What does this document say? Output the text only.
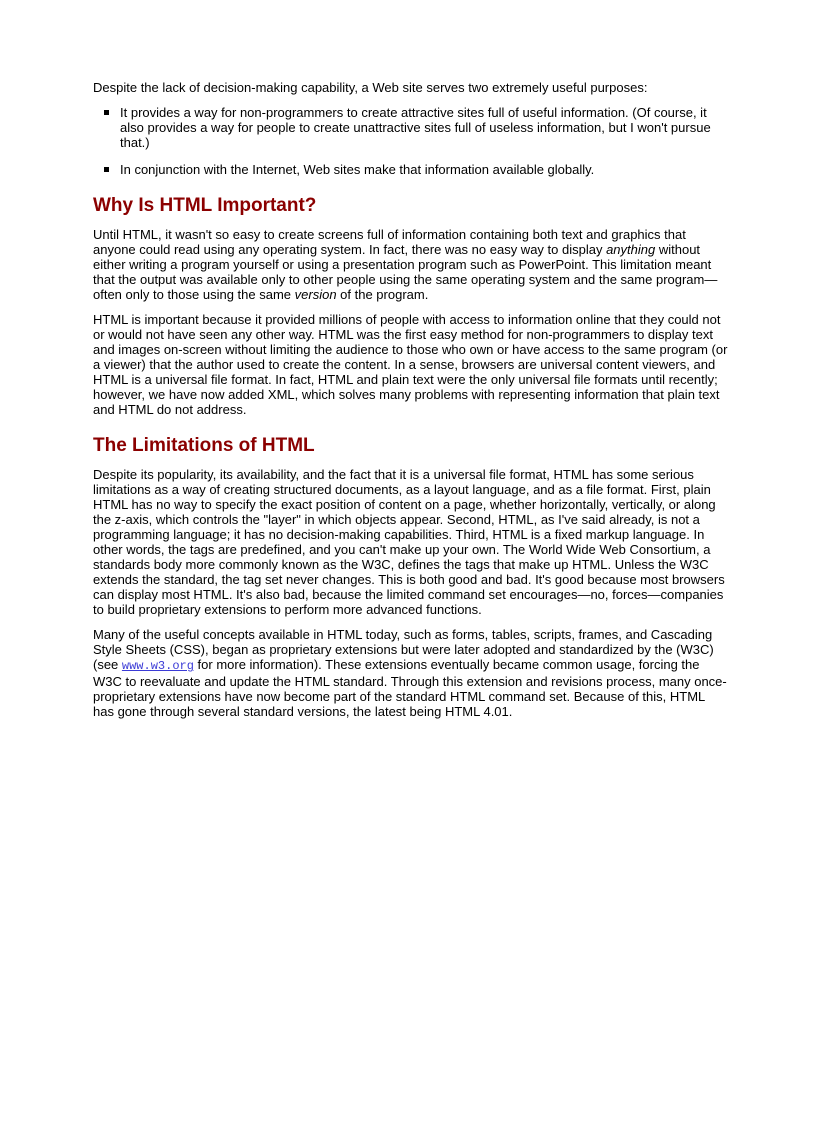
Despite the lack of decision-making capability, a Web site serves two extremely useful purposes:

It provides a way for non-programmers to create attractive sites full of useful information. (Of course, it also provides a way for people to create unattractive sites full of useless information, but I won't pursue that.)
In conjunction with the Internet, Web sites make that information available globally.
Why Is HTML Important?

Until HTML, it wasn't so easy to create screens full of information containing both text and graphics that anyone could read using any operating system. In fact, there was no easy way to display anything without either writing a program yourself or using a presentation program such as PowerPoint. This limitation meant that the output was available only to other people using the same operating system and the same program—often only to those using the same version of the program.

HTML is important because it provided millions of people with access to information online that they could not or would not have seen any other way. HTML was the first easy method for non-programmers to display text and images on-screen without limiting the audience to those who own or have access to the same program (or a viewer) that the author used to create the content. In a sense, browsers are universal content viewers, and HTML is a universal file format. In fact, HTML and plain text were the only universal file formats until recently; however, we have now added XML, which solves many problems with representing information that plain text and HTML do not address.

The Limitations of HTML

Despite its popularity, its availability, and the fact that it is a universal file format, HTML has some serious limitations as a way of creating structured documents, as a layout language, and as a file format. First, plain HTML has no way to specify the exact position of content on a page, whether horizontally, vertically, or along the z-axis, which controls the "layer" in which objects appear. Second, HTML, as I've said already, is not a programming language; it has no decision-making capabilities. Third, HTML is a fixed markup language. In other words, the tags are predefined, and you can't make up your own. The World Wide Web Consortium, a standards body more commonly known as the W3C, defines the tags that make up HTML. Unless the W3C extends the standard, the tag set never changes. This is both good and bad. It's good because most browsers can display most HTML. It's also bad, because the limited command set encourages—no, forces—companies to build proprietary extensions to perform more advanced functions.

Many of the useful concepts available in HTML today, such as forms, tables, scripts, frames, and Cascading Style Sheets (CSS), began as proprietary extensions but were later adopted and standardized by the (W3C) (see www.w3.org for more information). These extensions eventually became common usage, forcing the W3C to reevaluate and update the HTML standard. Through this extension and revisions process, many once-proprietary extensions have now become part of the standard HTML command set. Because of this, HTML has gone through several standard versions, the latest being HTML 4.01.
